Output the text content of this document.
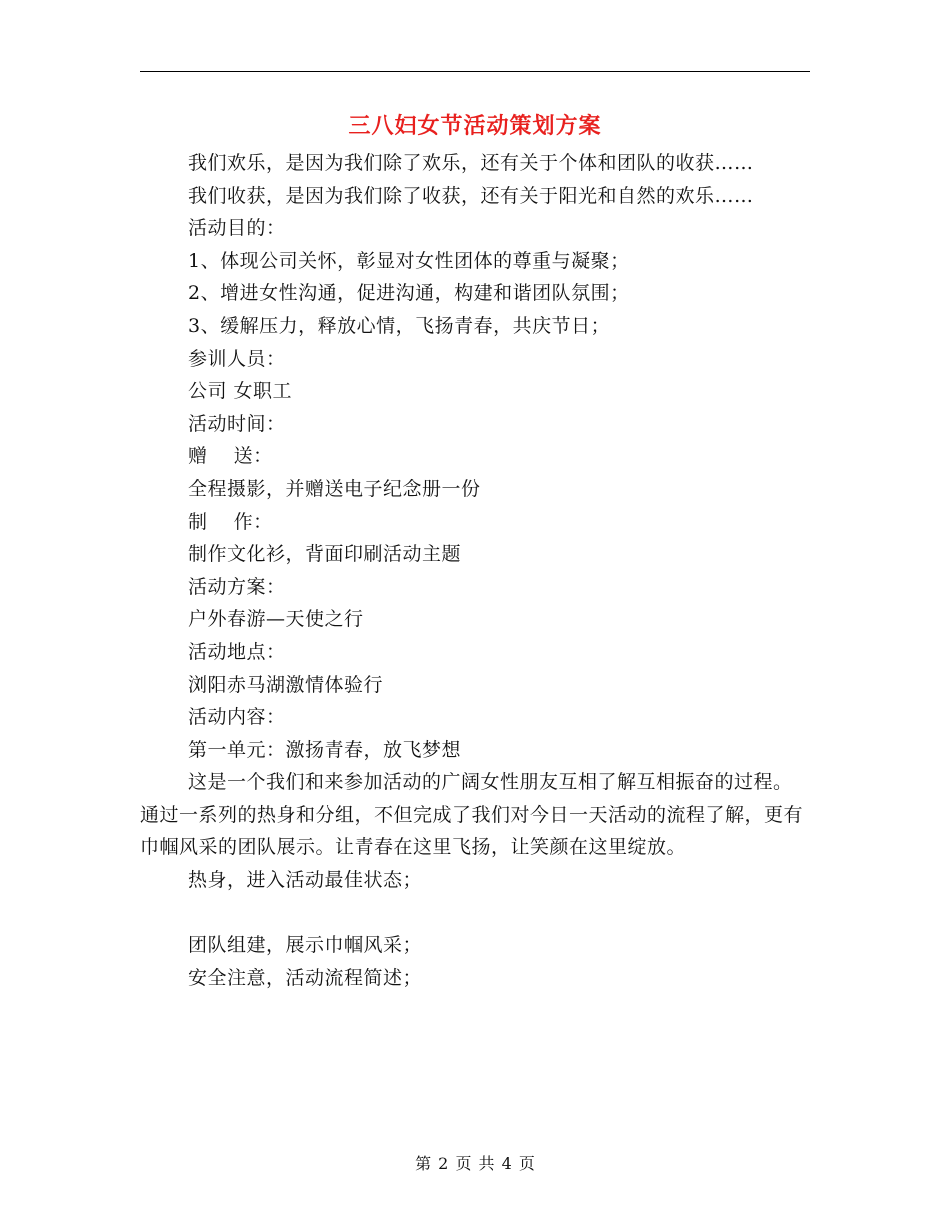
三八妇女节活动策划方案

我们欢乐，是因为我们除了欢乐，还有关于个体和团队的收获……

我们收获，是因为我们除了收获，还有关于阳光和自然的欢乐……

活动目的：

1、体现公司关怀，彰显对女性团体的尊重与凝聚；

2、增进女性沟通，促进沟通，构建和谐团队氛围；

3、缓解压力，释放心情，飞扬青春，共庆节日；

参训人员：

公司 女职工

活动时间：

赠    送：

全程摄影，并赠送电子纪念册一份

制    作：

制作文化衫，背面印刷活动主题

活动方案：

户外春游—天使之行

活动地点：

浏阳赤马湖激情体验行

活动内容：

第一单元：激扬青春，放飞梦想

这是一个我们和来参加活动的广阔女性朋友互相了解互相振奋的过程。通过一系列的热身和分组，不但完成了我们对今日一天活动的流程了解，更有巾帼风采的团队展示。让青春在这里飞扬，让笑颜在这里绽放。

热身，进入活动最佳状态；

团队组建，展示巾帼风采；

安全注意，活动流程简述；

第 2 页 共 4 页
